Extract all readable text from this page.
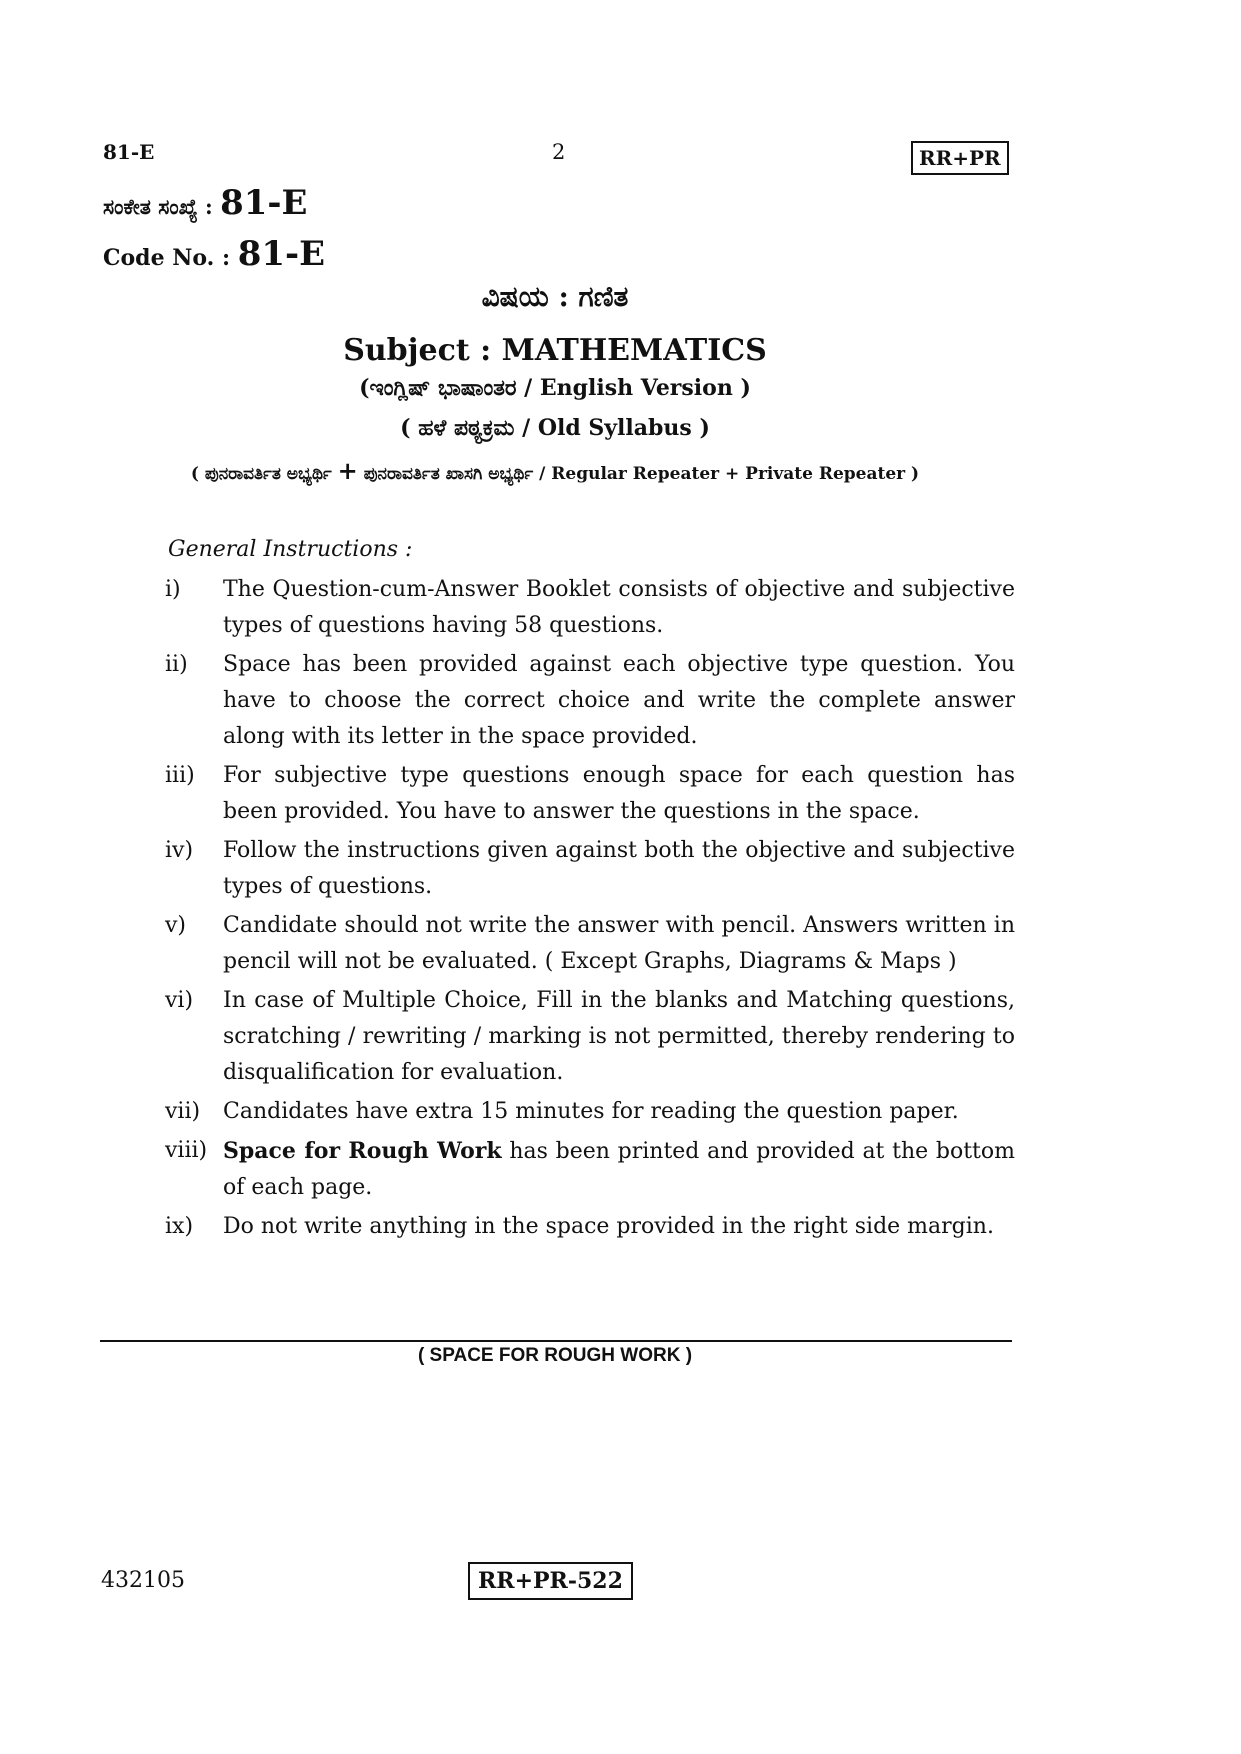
81-E	2	RR+PR
ಸಂಕೇತ ಸಂಖ್ಯೆ : 81-E
Code No. : 81-E
ವಿಷಯ : ಗಣಿತ
Subject : MATHEMATICS
(ಇಂಗ್ಲಿಷ್ ಭಾಷಾಂತರ / English Version )
( ಹಳೆ ಪಠ್ಯಕ್ರಮ / Old Syllabus )
( ಪುನರಾವರ್ತಿತ ಅಭ್ಯರ್ಥಿ + ಪುನರಾವರ್ತಿತ ಖಾಸಗಿ ಅಭ್ಯರ್ಥಿ / Regular Repeater + Private Repeater )
General Instructions :
i)	The Question-cum-Answer Booklet consists of objective and subjective types of questions having 58 questions.
ii)	Space has been provided against each objective type question. You have to choose the correct choice and write the complete answer along with its letter in the space provided.
iii)	For subjective type questions enough space for each question has been provided. You have to answer the questions in the space.
iv)	Follow the instructions given against both the objective and subjective types of questions.
v)	Candidate should not write the answer with pencil. Answers written in pencil will not be evaluated. ( Except Graphs, Diagrams & Maps )
vi)	In case of Multiple Choice, Fill in the blanks and Matching questions, scratching / rewriting / marking is not permitted, thereby rendering to disqualification for evaluation.
vii)	Candidates have extra 15 minutes for reading the question paper.
viii) Space for Rough Work has been printed and provided at the bottom of each page.
ix)	Do not write anything in the space provided in the right side margin.
( SPACE FOR ROUGH WORK )
432105	RR+PR-522
